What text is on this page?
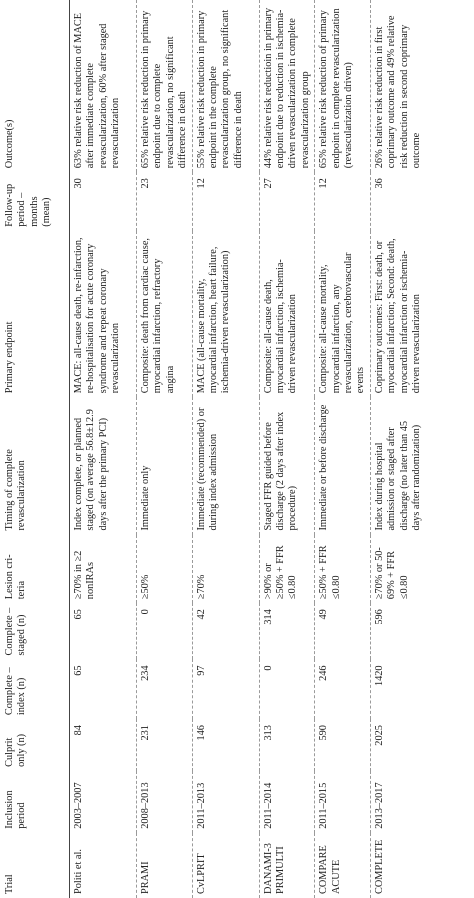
Trial	Inclusion period	Culprit only (n)	Complete – index (n)	Complete – staged (n)	Lesion cri-teria	Timing of complete revascularization	Primary endpoint	Follow-up period – months (mean)	Outcome(s)
Politi et al.	2003–2007	84	65	65	≥70% in ≥2 nonIRAs	Index complete, or planned staged (on average 56.8±12.9 days after the primary PCI)	MACE: all-cause death, re-infarction, re-hospitalisation for acute coronary syndrome and repeat coronary revascularization	30	63% relative risk reduction of MACE after immediate complete revascularization, 60% after staged revascularization
PRAMI	2008–2013	231	234	0	≥50%	Immediate only	Composite: death from cardiac cause, myocardial infarction, refractory angina	23	65% relative risk reduction in primary endpoint due to complete revascularization, no significant difference in death
CvLPRIT	2011–2013	146	97	42	≥70%	Immediate (recommended) or during index admission	MACE (all-cause mortality, myocardial infarction, heart failure, ischemia-driven revascularization)	12	55% relative risk reduction in primary endpoint in the complete revascularization group, no significant difference in death
DANAMI-3 PRIMULTI	2011–2014	313	0	314	>90% or ≥50% + FFR ≤0.80	Staged FFR guided before discharge (2 days after index procedure)	Composite: all-cause death, myocardial infarction, ischemia-driven revascularization	27	44% relative risk reductioin in primary endpoint due to reduction in ischemia-driven revascularization in complete revascularization group
COMPARE ACUTE	2011–2015	590	246	49	≥50% + FFR ≤0.80	Immediate or before discharge	Composite: all-cause mortality, myocardial infarction, any revascularization, cerebrovascular events	12	65% relative risk reduction of primary endpoint in complete revascularization (revascularization driven)
COMPLETE	2013–2017	2025	1420	596	≥70% or 50-69% + FFR ≤0.80	Index during hospital admission or staged after discharge (no later than 45 days after randomization)	Coprimary outcomes: First: death, or myocardial infarction; Second: death, myocardial infarction or ischemia-driven revascularization	36	26% relative risk reduction in first coprimary outcome and 49% relative risk reduction in second coprimary outcome
